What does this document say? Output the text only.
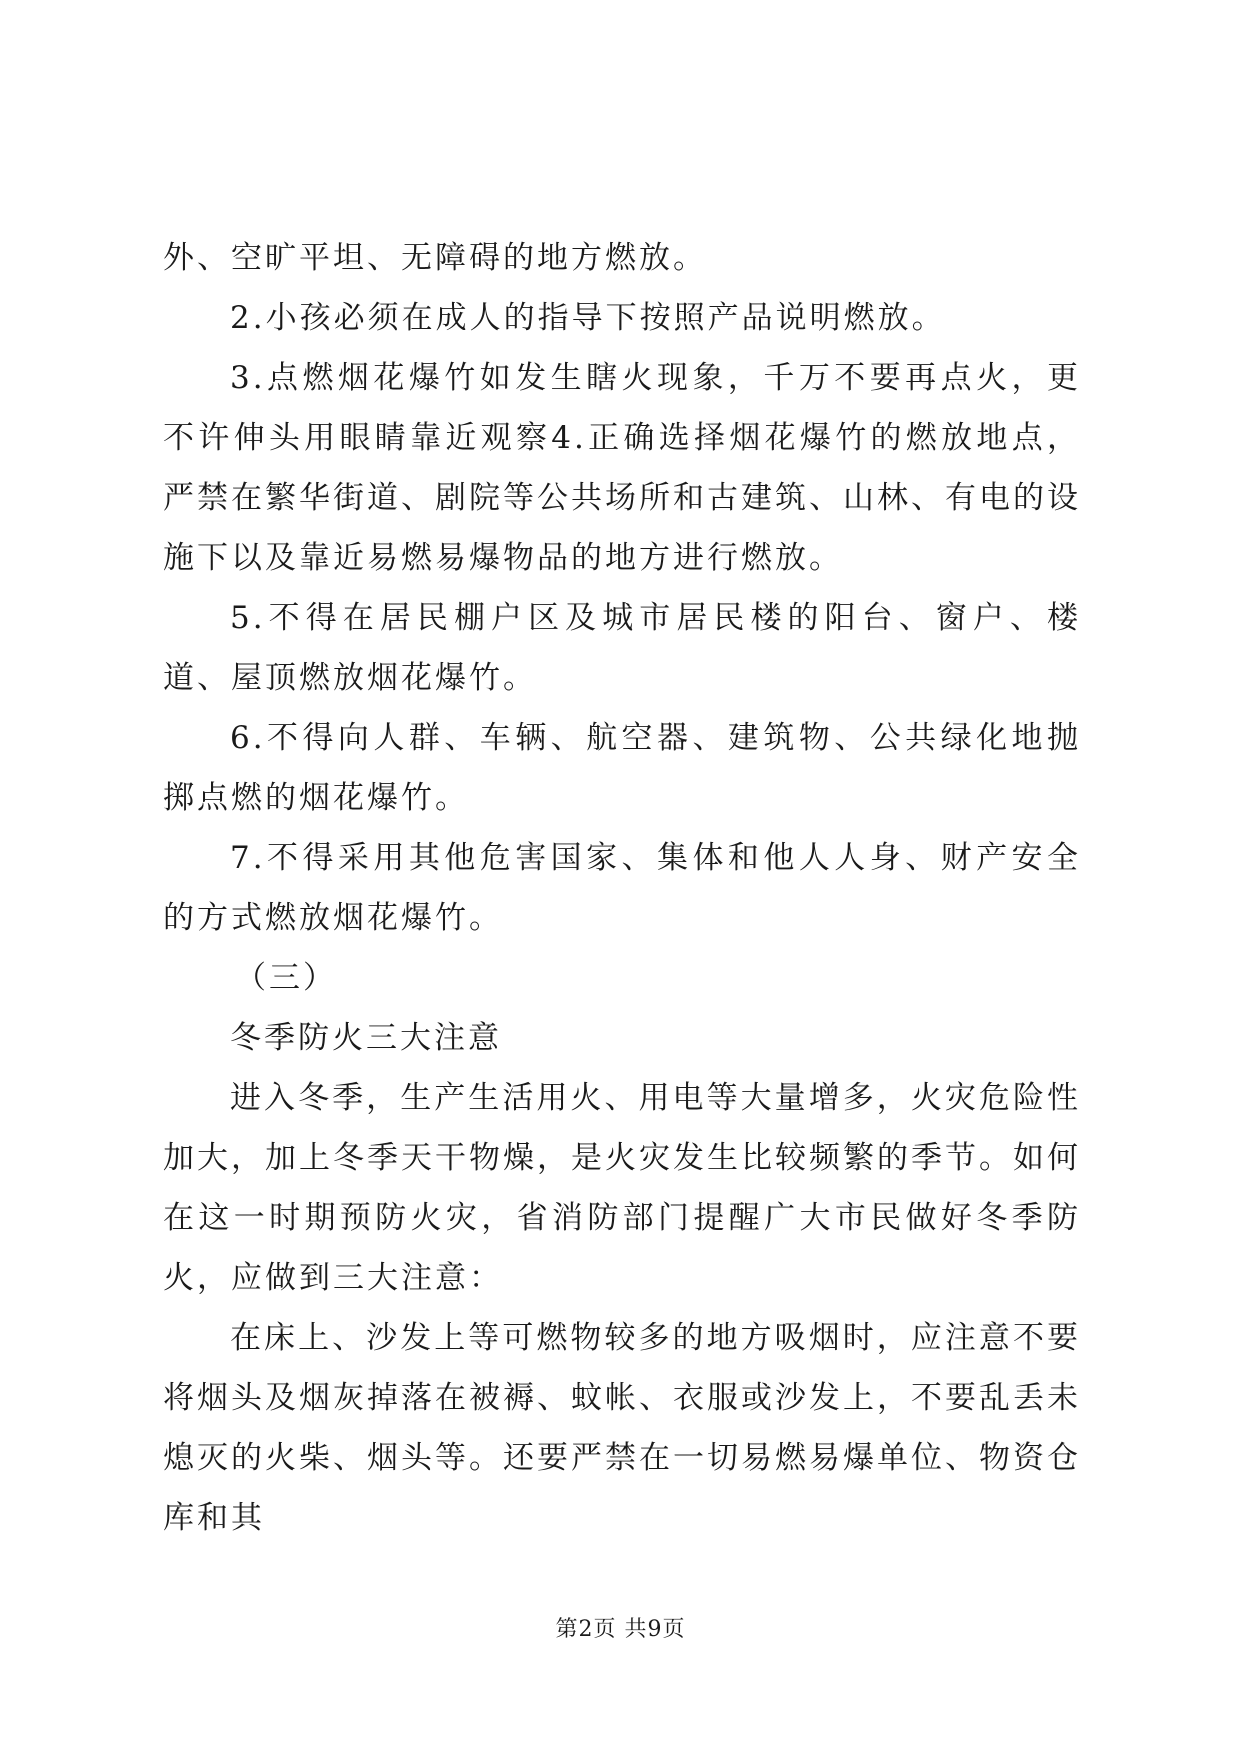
外、空旷平坦、无障碍的地方燃放。

2.小孩必须在成人的指导下按照产品说明燃放。

3.点燃烟花爆竹如发生瞎火现象，千万不要再点火，更不许伸头用眼睛靠近观察4.正确选择烟花爆竹的燃放地点，严禁在繁华街道、剧院等公共场所和古建筑、山林、有电的设施下以及靠近易燃易爆物品的地方进行燃放。

5.不得在居民棚户区及城市居民楼的阳台、窗户、楼道、屋顶燃放烟花爆竹。

6.不得向人群、车辆、航空器、建筑物、公共绿化地抛掷点燃的烟花爆竹。

7.不得采用其他危害国家、集体和他人人身、财产安全的方式燃放烟花爆竹。

（三）

冬季防火三大注意

进入冬季，生产生活用火、用电等大量增多，火灾危险性加大，加上冬季天干物燥，是火灾发生比较频繁的季节。如何在这一时期预防火灾，省消防部门提醒广大市民做好冬季防火，应做到三大注意：

在床上、沙发上等可燃物较多的地方吸烟时，应注意不要将烟头及烟灰掉落在被褥、蚊帐、衣服或沙发上，不要乱丢未熄灭的火柴、烟头等。还要严禁在一切易燃易爆单位、物资仓库和其

第2页 共9页
